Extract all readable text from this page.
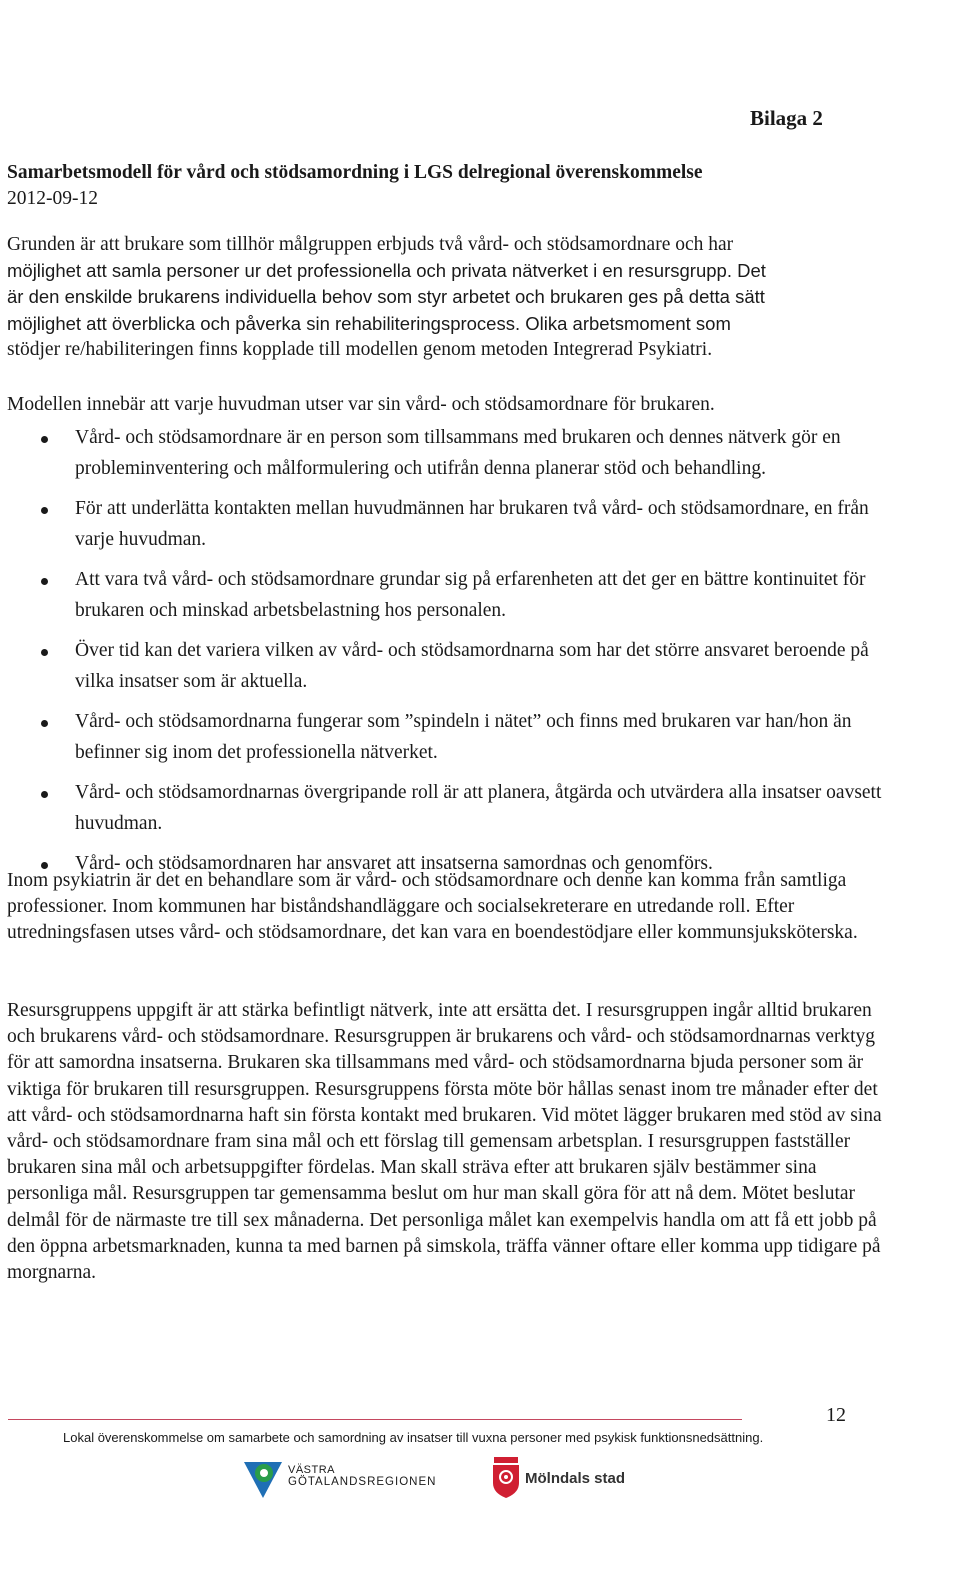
Bilaga 2
Samarbetsmodell för vård och stödsamordning i LGS delregional överenskommelse
2012-09-12
Grunden är att brukare som tillhör målgruppen erbjuds två vård- och stödsamordnare och har
möjlighet att samla personer ur det professionella och privata nätverket i en resursgrupp. Det
är den enskilde brukarens individuella behov som styr arbetet och brukaren ges på detta sätt
möjlighet att överblicka och påverka sin rehabiliteringsprocess. Olika arbetsmoment som
stödjer re/habiliteringen finns kopplade till modellen genom metoden Integrerad Psykiatri.

Modellen innebär att varje huvudman utser var sin vård- och stödsamordnare för brukaren.

Vård- och stödsamordnare är en person som tillsammans med brukaren och dennes nätverk gör en probleminventering och målformulering och utifrån denna planerar stöd och behandling.
För att underlätta kontakten mellan huvudmännen har brukaren två vård- och stödsamordnare, en från varje huvudman.
Att vara två vård- och stödsamordnare grundar sig på erfarenheten att det ger en bättre kontinuitet för brukaren och minskad arbetsbelastning hos personalen.
Över tid kan det variera vilken av vård- och stödsamordnarna som har det större ansvaret beroende på vilka insatser som är aktuella.
Vård- och stödsamordnarna fungerar som ”spindeln i nätet” och finns med brukaren var han/hon än befinner sig inom det professionella nätverket.
Vård- och stödsamordnarnas övergripande roll är att planera, åtgärda och utvärdera alla insatser oavsett huvudman.
Vård- och stödsamordnaren har ansvaret att insatserna samordnas och genomförs.

Inom psykiatrin är det en behandlare som är vård- och stödsamordnare och denne kan komma från samtliga professioner. Inom kommunen har biståndshandläggare och socialsekreterare en utredande roll. Efter utredningsfasen utses vård- och stödsamordnare, det kan vara en boendestödjare eller kommunsjuksköterska.

Resursgruppens uppgift är att stärka befintligt nätverk, inte att ersätta det. I resursgruppen ingår alltid brukaren och brukarens vård- och stödsamordnare. Resursgruppen är brukarens och vård- och stödsamordnarnas verktyg för att samordna insatserna. Brukaren ska tillsammans med vård- och stödsamordnarna bjuda personer som är viktiga för brukaren till resursgruppen. Resursgruppens första möte bör hållas senast inom tre månader efter det att vård- och stödsamordnarna haft sin första kontakt med brukaren. Vid mötet lägger brukaren med stöd av sina vård- och stödsamordnare fram sina mål och ett förslag till gemensam arbetsplan. I resursgruppen fastställer brukaren sina mål och arbetsuppgifter fördelas. Man skall sträva efter att brukaren själv bestämmer sina personliga mål. Resursgruppen tar gemensamma beslut om hur man skall göra för att nå dem. Mötet beslutar delmål för de närmaste tre till sex månaderna. Det personliga målet kan exempelvis handla om att få ett jobb på den öppna arbetsmarknaden, kunna ta med barnen på simskola, träffa vänner oftare eller komma upp tidigare på morgnarna.

12
Lokal överenskommelse om samarbete och samordning av insatser till vuxna personer med psykisk funktionsnedsättning.
VÄSTRA
GÖTALANDSREGIONEN	Mölndals stad
